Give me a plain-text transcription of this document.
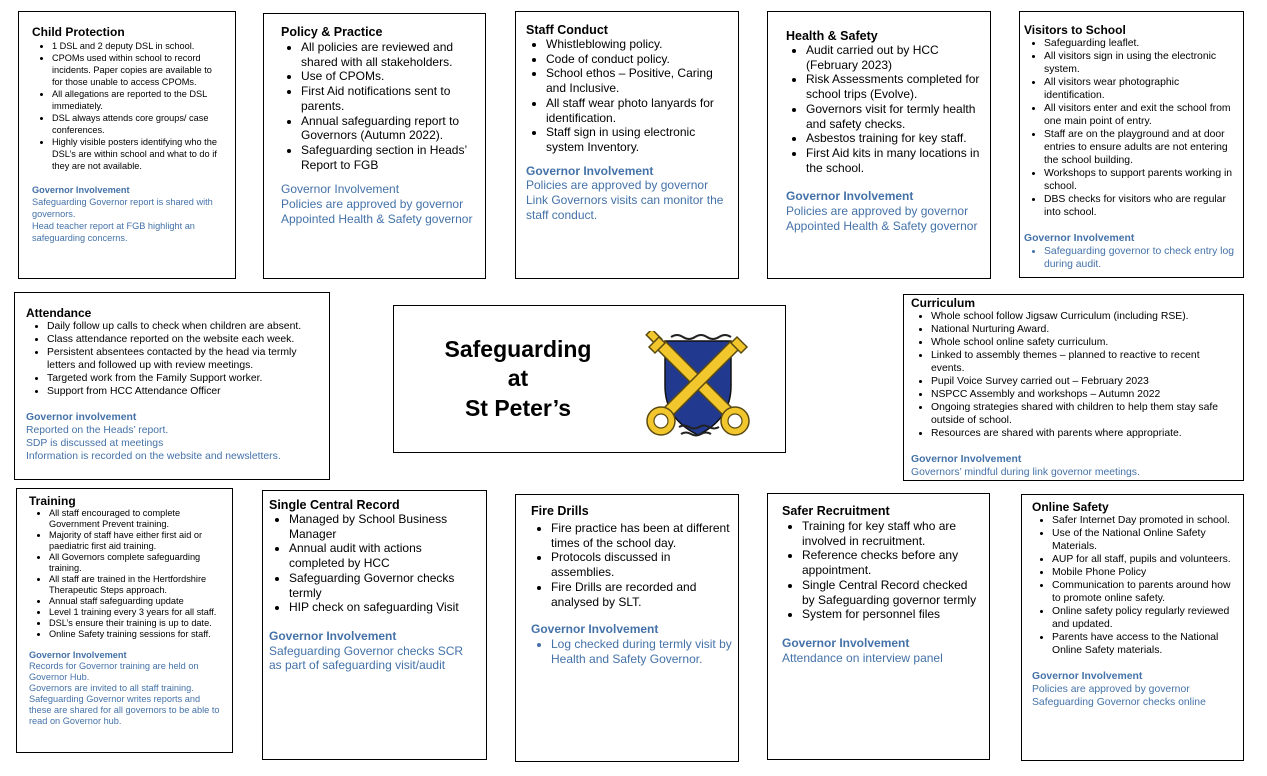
Child Protection
• 1 DSL and 2 deputy DSL in school.
• CPOMs used within school to record incidents. Paper copies are available to for those unable to access CPOMs.
• All allegations are reported to the DSL immediately.
• DSL always attends core groups/ case conferences.
• Highly visible posters identifying who the DSL’s are within school and what to do if they are not available.
Governor Involvement
Safeguarding Governor report is shared with governors.
Head teacher report at FGB highlight an safeguarding concerns.
Policy & Practice
• All policies are reviewed and shared with all stakeholders.
• Use of CPOMs.
• First Aid notifications sent to parents.
• Annual safeguarding report to Governors (Autumn 2022).
• Safeguarding section in Heads’ Report to FGB
Governor Involvement
Policies are approved by governor
Appointed Health & Safety governor
Staff Conduct
• Whistleblowing policy.
• Code of conduct policy.
• School ethos – Positive, Caring and Inclusive.
• All staff wear photo lanyards for identification.
• Staff sign in using electronic system Inventory.
Governor Involvement
Policies are approved by governor
Link Governors visits can monitor the staff conduct.
Health & Safety
• Audit carried out by HCC (February 2023)
• Risk Assessments completed for school trips (Evolve).
• Governors visit for termly health and safety checks.
• Asbestos training for key staff.
• First Aid kits in many locations in the school.
Governor Involvement
Policies are approved by governor
Appointed Health & Safety governor
Visitors to School
• Safeguarding leaflet.
• All visitors sign in using the electronic system.
• All visitors wear photographic identification.
• All visitors enter and exit the school from one main point of entry.
• Staff are on the playground and at door entries to ensure adults are not entering the school building.
• Workshops to support parents working in school.
• DBS checks for visitors who are regular into school.
Governor Involvement
• Safeguarding governor to check entry log during audit.
Attendance
• Daily follow up calls to check when children are absent.
• Class attendance reported on the website each week.
• Persistent absentees contacted by the head via termly letters and followed up with review meetings.
• Targeted work from the Family Support worker.
• Support from HCC Attendance Officer
Governor involvement
Reported on the Heads’ report.
SDP is discussed at meetings
Information is recorded on the website and newsletters.
Safeguarding
at
St Peter’s
Curriculum
• Whole school follow Jigsaw Curriculum (including RSE).
• National Nurturing Award.
• Whole school online safety curriculum.
• Linked to assembly themes – planned to reactive to recent events.
• Pupil Voice Survey carried out – February 2023
• NSPCC Assembly and workshops – Autumn 2022
• Ongoing strategies shared with children to help them stay safe outside of school.
• Resources are shared with parents where appropriate.
Governor Involvement
Governors’ mindful during link governor meetings.
Training
• All staff encouraged to complete Government Prevent training.
• Majority of staff have either first aid or paediatric first aid training.
• All Governors complete safeguarding training.
• All staff are trained in the Hertfordshire Therapeutic Steps approach.
• Annual staff safeguarding update
• Level 1 training every 3 years for all staff.
• DSL’s ensure their training is up to date.
• Online Safety training sessions for staff.
Governor Involvement
Records for Governor training are held on Governor Hub.
Governors are invited to all staff training.
Safeguarding Governor writes reports and these are shared for all governors to be able to read on Governor hub.
Single Central Record
• Managed by School Business Manager
• Annual audit with actions completed by HCC
• Safeguarding Governor checks termly
• HIP check on safeguarding Visit
Governor Involvement
Safeguarding Governor checks SCR as part of safeguarding visit/audit
Fire Drills
• Fire practice has been at different times of the school day.
• Protocols discussed in assemblies.
• Fire Drills are recorded and analysed by SLT.
Governor Involvement
• Log checked during termly visit by Health and Safety Governor.
Safer Recruitment
• Training for key staff who are involved in recruitment.
• Reference checks before any appointment.
• Single Central Record checked by Safeguarding governor termly
• System for personnel files
Governor Involvement
Attendance on interview panel
Online Safety
• Safer Internet Day promoted in school.
• Use of the National Online Safety Materials.
• AUP for all staff, pupils and volunteers.
• Mobile Phone Policy
• Communication to parents around how to promote online safety.
• Online safety policy regularly reviewed and updated.
• Parents have access to the National Online Safety materials.
Governor Involvement
Policies are approved by governor
Safeguarding Governor checks online
